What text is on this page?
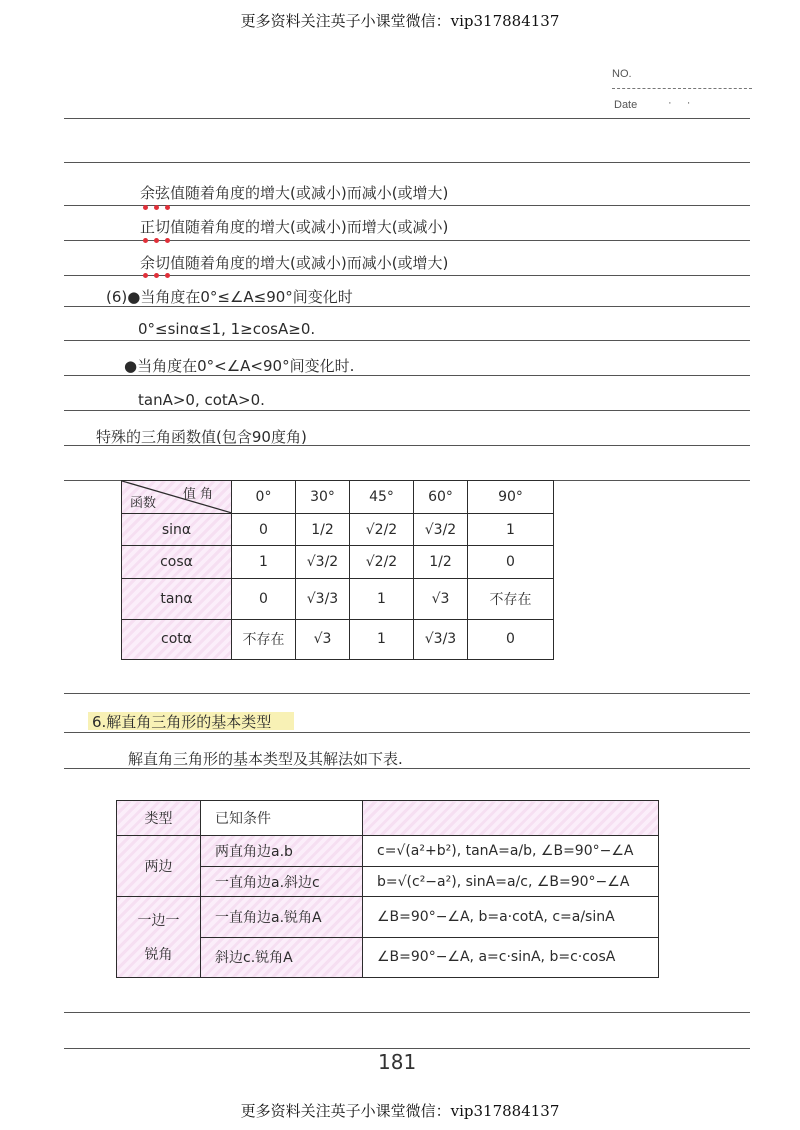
更多资料关注英子小课堂微信：vip317884137
NO.
Date	· ·
余弦值随着角度的增大(或减小)而减小(或增大)
正切值随着角度的增大(或减小)而增大(或减小)
余切值随着角度的增大(或减小)而减小(或增大)
(6)●当角度在0°≤∠A≤90°间变化时
0°≤sinα≤1, 1≥cosA≥0.
●当角度在0°<∠A<90°间变化时.
tanA>0, cotA>0.
特殊的三角函数值(包含90度角)
值 角
函数	0°	30°	45°	60°	90°
sinα	0	1/2	√2/2	√3/2	1
cosα	1	√3/2	√2/2	1/2	0
tanα	0	√3/3	1	√3	不存在
cotα	不存在	√3	1	√3/3	0
6.解直角三角形的基本类型
解直角三角形的基本类型及其解法如下表.
类型	已知条件	
两边	两直角边a.b	c=√(a²+b²), tanA=a/b, ∠B=90°−∠A
	一直角边a.斜边c	b=√(c²−a²), sinA=a/c, ∠B=90°−∠A

一边一
锐角	一直角边a.锐角A	∠B=90°−∠A, b=a·cotA, c=a/sinA
	斜边c.锐角A	∠B=90°−∠A, a=c·sinA, b=c·cosA
181
更多资料关注英子小课堂微信：vip317884137
